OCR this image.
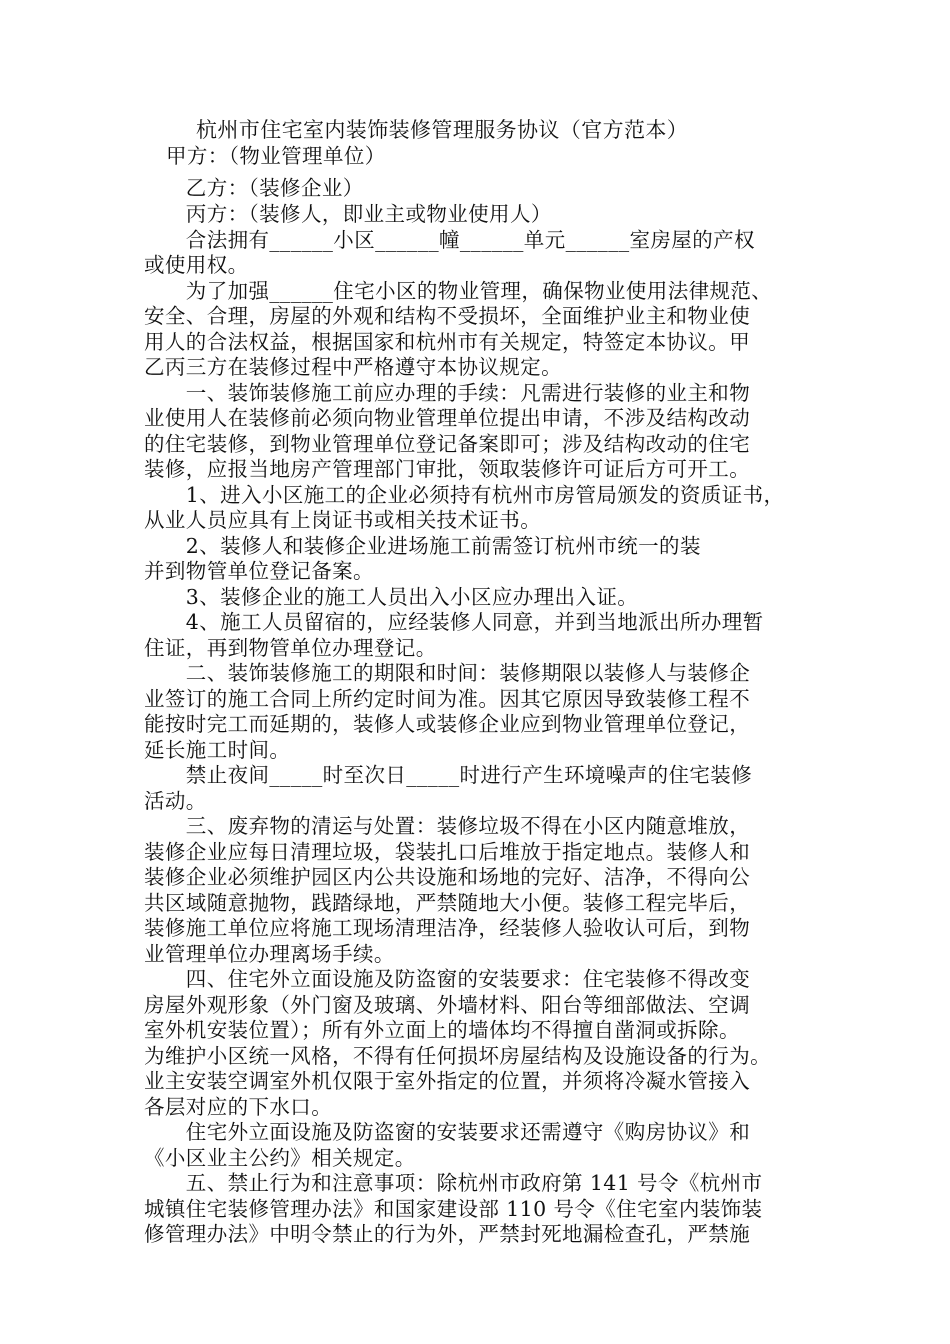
杭州市住宅室内装饰装修管理服务协议（官方范本）
甲方：（物业管理单位）
　　乙方：（装修企业）
　　丙方：（装修人，即业主或物业使用人）
　　合法拥有______小区______幢______单元______室房屋的产权
或使用权。
　　为了加强______住宅小区的物业管理，确保物业使用法律规范、
安全、合理，房屋的外观和结构不受损坏，全面维护业主和物业使
用人的合法权益，根据国家和杭州市有关规定，特签定本协议。甲
乙丙三方在装修过程中严格遵守本协议规定。
　　一、装饰装修施工前应办理的手续：凡需进行装修的业主和物
业使用人在装修前必须向物业管理单位提出申请，不涉及结构改动
的住宅装修，到物业管理单位登记备案即可；涉及结构改动的住宅
装修，应报当地房产管理部门审批，领取装修许可证后方可开工。
　　1、进入小区施工的企业必须持有杭州市房管局颁发的资质证书，
从业人员应具有上岗证书或相关技术证书。
　　2、装修人和装修企业进场施工前需签订杭州市统一的装
并到物管单位登记备案。
　　3、装修企业的施工人员出入小区应办理出入证。
　　4、施工人员留宿的，应经装修人同意，并到当地派出所办理暂
住证，再到物管单位办理登记。
　　二、装饰装修施工的期限和时间：装修期限以装修人与装修企
业签订的施工合同上所约定时间为准。因其它原因导致装修工程不
能按时完工而延期的，装修人或装修企业应到物业管理单位登记，
延长施工时间。
　　禁止夜间_____时至次日_____时进行产生环境噪声的住宅装修
活动。
　　三、废弃物的清运与处置：装修垃圾不得在小区内随意堆放，
装修企业应每日清理垃圾，袋装扎口后堆放于指定地点。装修人和
装修企业必须维护园区内公共设施和场地的完好、洁净，不得向公
共区域随意抛物，践踏绿地，严禁随地大小便。装修工程完毕后，
装修施工单位应将施工现场清理洁净，经装修人验收认可后，到物
业管理单位办理离场手续。
　　四、住宅外立面设施及防盗窗的安装要求：住宅装修不得改变
房屋外观形象（外门窗及玻璃、外墙材料、阳台等细部做法、空调
室外机安装位置）；所有外立面上的墙体均不得擅自凿洞或拆除。
为维护小区统一风格，不得有任何损坏房屋结构及设施设备的行为。
业主安装空调室外机仅限于室外指定的位置，并须将冷凝水管接入
各层对应的下水口。
　　住宅外立面设施及防盗窗的安装要求还需遵守《购房协议》和
《小区业主公约》相关规定。
　　五、禁止行为和注意事项：除杭州市政府第 141 号令《杭州市
城镇住宅装修管理办法》和国家建设部 110 号令《住宅室内装饰装
修管理办法》中明令禁止的行为外，严禁封死地漏检查孔，严禁施
